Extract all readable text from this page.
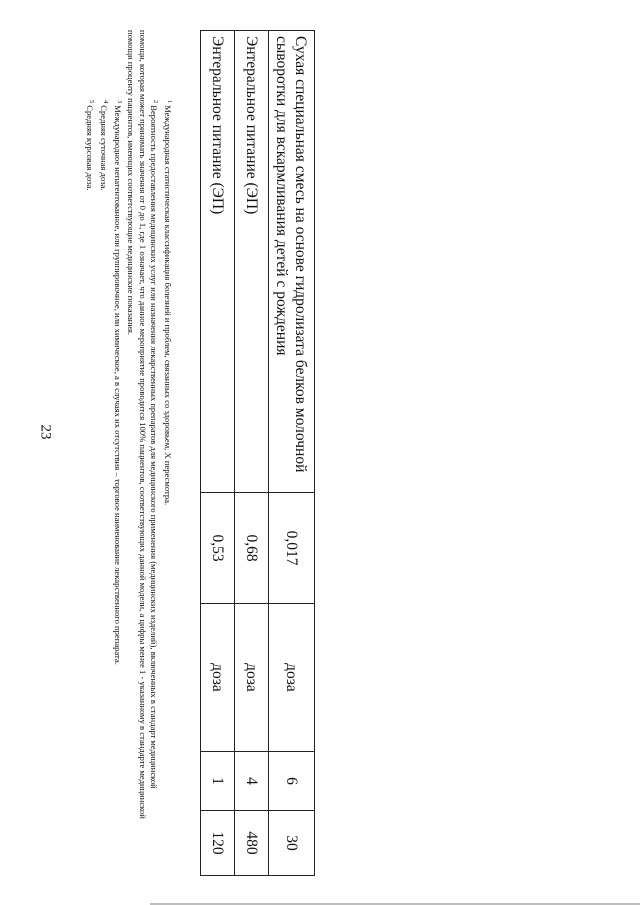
23	Сухая специальная смесь на основе гидролизата белков молочной сыворотки для вскармливания детей с рождения	0,017	доза	6	30
Энтеральное питание (ЭП)	0,68	доза	4	480
Энтеральное питание (ЭП)	0,53	доза	1	120

$^1$Международная статистическая классификация болезней и проблем, связанных со здоровьем, X пересмотра.

$^2$Вероятность предоставления медицинских услуг или назначения лекарственных препаратов для медицинского применения (медицинских изделий), включенных в стандарт медицинской помощи, которая может принимать значения от 0 до 1, где 1 означает, что данное мероприятие проводится 100% пациентов, соответствующих данной модели, а цифры менее 1 - указанному в стандарте медицинской помощи проценту пациентов, имеющих соответствующие медицинские показания.

$^3$Международное непатентованное, или группировочное, или химическое, а в случаях их отсутствия – торговое наименование лекарственного препарата.

$^4$Средняя суточная доза.

$^5$Средняя курсовая доза.
